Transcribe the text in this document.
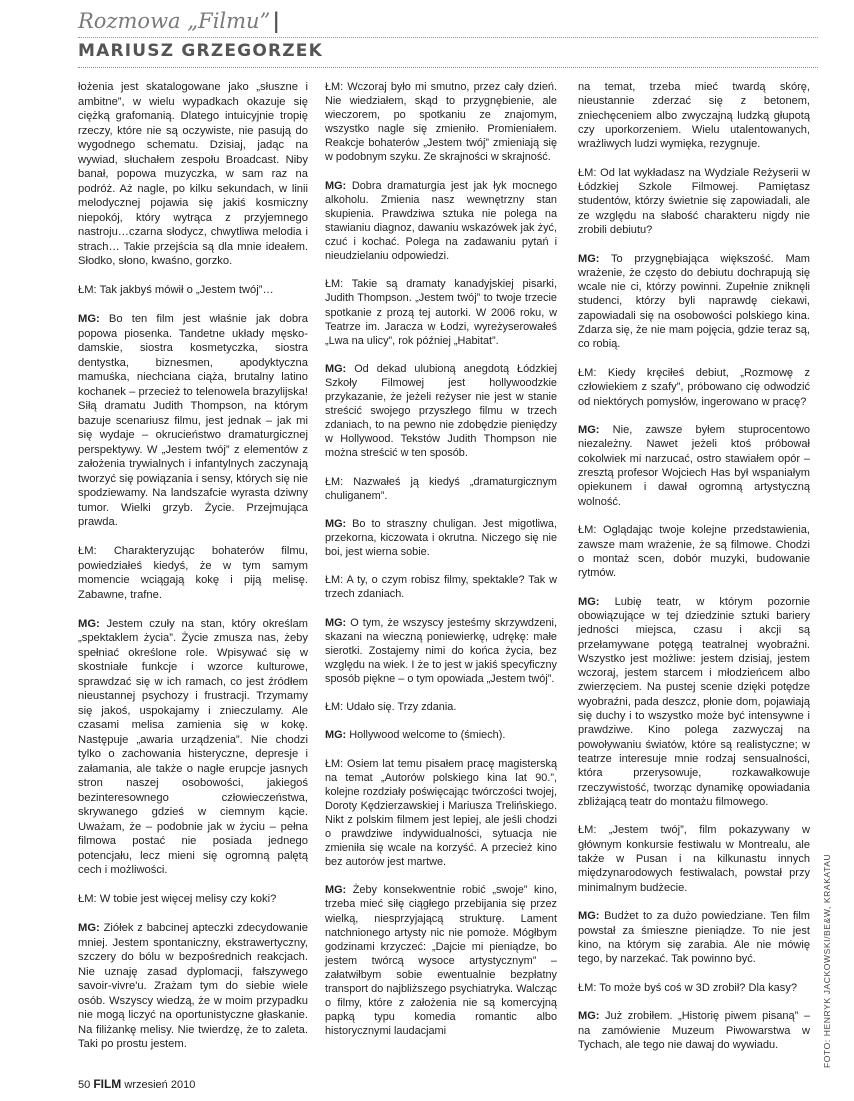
Rozmowa „Filmu”|
MARIUSZ GRZEGORZEK

łożenia jest skatalogowane jako „słuszne i ambitne”, w wielu wypadkach okazuje się ciężką grafomanią. Dlatego intuicyjnie tropię rzeczy, które nie są oczywiste, nie pasują do wygodnego schematu. Dzisiaj, jadąc na wywiad, słuchałem zespołu Broadcast. Niby banał, popowa muzyczka, w sam raz na podróż. Aż nagle, po kilku sekundach, w linii melodycznej pojawia się jakiś kosmiczny niepokój, który wytrąca z przyjemnego nastroju…czarna słodycz, chwytliwa melodia i strach… Takie przejścia są dla mnie ideałem. Słodko, słono, kwaśno, gorzko.

ŁM: Tak jakbyś mówił o „Jestem twój”…

MG: Bo ten film jest właśnie jak dobra popowa piosenka. Tandetne układy męsko-damskie, siostra kosmetyczka, siostra dentystka, biznesmen, apodyktyczna mamuśka, niechciana ciąża, brutalny latino kochanek – przecież to telenowela brazylijska! Siłą dramatu Judith Thompson, na którym bazuje scenariusz filmu, jest jednak – jak mi się wydaje – okrucieństwo dramaturgicznej perspektywy. W „Jestem twój” z elementów z założenia trywialnych i infantylnych zaczynają tworzyć się powiązania i sensy, których się nie spodziewamy. Na landszafcie wyrasta dziwny tumor. Wielki grzyb. Życie. Przejmująca prawda.

ŁM: Charakteryzując bohaterów filmu, powiedziałeś kiedyś, że w tym samym momencie wciągają kokę i piją melisę. Zabawne, trafne.

MG: Jestem czuły na stan, który określam „spektaklem życia”. Życie zmusza nas, żeby spełniać określone role. Wpisywać się w skostniałe funkcje i wzorce kulturowe, sprawdzać się w ich ramach, co jest źródłem nieustannej psychozy i frustracji. Trzymamy się jakoś, uspokajamy i znieczulamy. Ale czasami melisa zamienia się w kokę. Następuje „awaria urządzenia”. Nie chodzi tylko o zachowania histeryczne, depresje i załamania, ale także o nagłe erupcje jasnych stron naszej osobowości, jakiegoś bezinteresownego człowieczeństwa, skrywanego gdzieś w ciemnym kącie. Uważam, że – podobnie jak w życiu – pełna filmowa postać nie posiada jednego potencjału, lecz mieni się ogromną palętą cech i możliwości.

ŁM: W tobie jest więcej melisy czy koki?

MG: Ziółek z babcinej apteczki zdecydowanie mniej. Jestem spontaniczny, ekstrawertyczny, szczery do bólu w bezpośrednich reakcjach. Nie uznaję zasad dyplomacji, fałszywego savoir-vivre'u. Zrażam tym do siebie wiele osób. Wszyscy wiedzą, że w moim przypadku nie mogą liczyć na oportunistyczne głaskanie. Na filiżankę melisy. Nie twierdzę, że to zaleta. Taki po prostu jestem.

ŁM: Wczoraj było mi smutno, przez cały dzień. Nie wiedziałem, skąd to przygnębienie, ale wieczorem, po spotkaniu ze znajomym, wszystko nagle się zmieniło. Promieniałem. Reakcje bohaterów „Jestem twój” zmieniają się w podobnym szyku. Ze skrajności w skrajność.

MG: Dobra dramaturgia jest jak łyk mocnego alkoholu. Zmienia nasz wewnętrzny stan skupienia. Prawdziwa sztuka nie polega na stawianiu diagnoz, dawaniu wskazówek jak żyć, czuć i kochać. Polega na zadawaniu pytań i nieudzielaniu odpowiedzi.

ŁM: Takie są dramaty kanadyjskiej pisarki, Judith Thompson. „Jestem twój” to twoje trzecie spotkanie z prozą tej autorki. W 2006 roku, w Teatrze im. Jaracza w Łodzi, wyreżyserowałeś „Lwa na ulicy”, rok później „Habitat”.

MG: Od dekad ulubioną anegdotą Łódzkiej Szkoły Filmowej jest hollywoodzkie przykazanie, że jeżeli reżyser nie jest w stanie streścić swojego przyszłego filmu w trzech zdaniach, to na pewno nie zdobędzie pieniędzy w Hollywood. Tekstów Judith Thompson nie można streścić w ten sposób.

ŁM: Nazwałeś ją kiedyś „dramaturgicznym chuliganem”.

MG: Bo to straszny chuligan. Jest migotliwa, przekorna, kiczowata i okrutna. Niczego się nie boi, jest wierna sobie.

ŁM: A ty, o czym robisz filmy, spektakle? Tak w trzech zdaniach.

MG: O tym, że wszyscy jesteśmy skrzywdzeni, skazani na wieczną poniewierkę, udrękę: małe sierotki. Zostajemy nimi do końca życia, bez względu na wiek. I że to jest w jakiś specyficzny sposób piękne – o tym opowiada „Jestem twój”.

ŁM: Udało się. Trzy zdania.

MG: Hollywood welcome to (śmiech).

ŁM: Osiem lat temu pisałem pracę magisterską na temat „Autorów polskiego kina lat 90.”, kolejne rozdziały poświęcając twórczości twojej, Doroty Kędzierzawskiej i Mariusza Trelińskiego. Nikt z polskim filmem jest lepiej, ale jeśli chodzi o prawdziwe indywidualności, sytuacja nie zmieniła się wcale na korzyść. A przecież kino bez autorów jest martwe.

MG: Żeby konsekwentnie robić „swoje” kino, trzeba mieć siłę ciągłego przebijania się przez wielką, niesprzyjającą strukturę. Lament natchnionego artysty nic nie pomoże. Mógłbym godzinami krzyczeć: „Dajcie mi pieniądze, bo jestem twórcą wysoce artystycznym” – załatwiłbym sobie ewentualnie bezpłatny transport do najbliższego psychiatryka. Walcząc o filmy, które z założenia nie są komercyjną papką typu komedia romantic albo historycznymi laudacjami

na temat, trzeba mieć twardą skórę, nieustannie zderzać się z betonem, zniechęceniem albo zwyczajną ludzką głupotą czy uporkorzeniem. Wielu utalentowanych, wrażliwych ludzi wymięka, rezygnuje.

ŁM: Od lat wykładasz na Wydziale Reżyserii w Łódzkiej Szkole Filmowej. Pamiętasz studentów, którzy świetnie się zapowiadali, ale ze względu na słabość charakteru nigdy nie zrobili debiutu?

MG: To przygnębiająca większość. Mam wrażenie, że często do debiutu dochrapują się wcale nie ci, którzy powinni. Zupełnie zniknęli studenci, którzy byli naprawdę ciekawi, zapowiadali się na osobowości polskiego kina. Zdarza się, że nie mam pojęcia, gdzie teraz są, co robią.

ŁM: Kiedy kręciłeś debiut, „Rozmowę z człowiekiem z szafy”, próbowano cię odwodzić od niektórych pomysłów, ingerowano w pracę?

MG: Nie, zawsze byłem stuprocentowo niezależny. Nawet jeżeli ktoś próbował cokolwiek mi narzucać, ostro stawiałem opór – zresztą profesor Wojciech Has był wspaniałym opiekunem i dawał ogromną artystyczną wolność.

ŁM: Oglądając twoje kolejne przedstawienia, zawsze mam wrażenie, że są filmowe. Chodzi o montaż scen, dobór muzyki, budowanie rytmów.

MG: Lubię teatr, w którym pozornie obowiązujące w tej dziedzinie sztuki bariery jedności miejsca, czasu i akcji są przełamywane potęgą teatralnej wyobraźni. Wszystko jest możliwe: jestem dzisiaj, jestem wczoraj, jestem starcem i młodzieńcem albo zwierzęciem. Na pustej scenie dzięki potędze wyobraźni, pada deszcz, płonie dom, pojawiają się duchy i to wszystko może być intensywne i prawdziwe. Kino polega zazwyczaj na powoływaniu światów, które są realistyczne; w teatrze interesuje mnie rodzaj sensualności, która przerysowuje, rozkawałkowuje rzeczywistość, tworząc dynamikę opowiadania zbliżającą teatr do montażu filmowego.

ŁM: „Jestem twój”, film pokazywany w głównym konkursie festiwalu w Montrealu, ale także w Pusan i na kilkunastu innych międzynarodowych festiwalach, powstał przy minimalnym budżecie.

MG: Budżet to za dużo powiedziane. Ten film powstał za śmieszne pieniądze. To nie jest kino, na którym się zarabia. Ale nie mówię tego, by narzekać. Tak powinno być.

ŁM: To może byś coś w 3D zrobił? Dla kasy?

MG: Już zrobiłem. „Historię piwem pisaną” – na zamówienie Muzeum Piwowarstwa w Tychach, ale tego nie dawaj do wywiadu.

50 FILM wrzesień 2010
FOTO: HENRYK JACKOWSKI/BE&W, KRAKATAU
